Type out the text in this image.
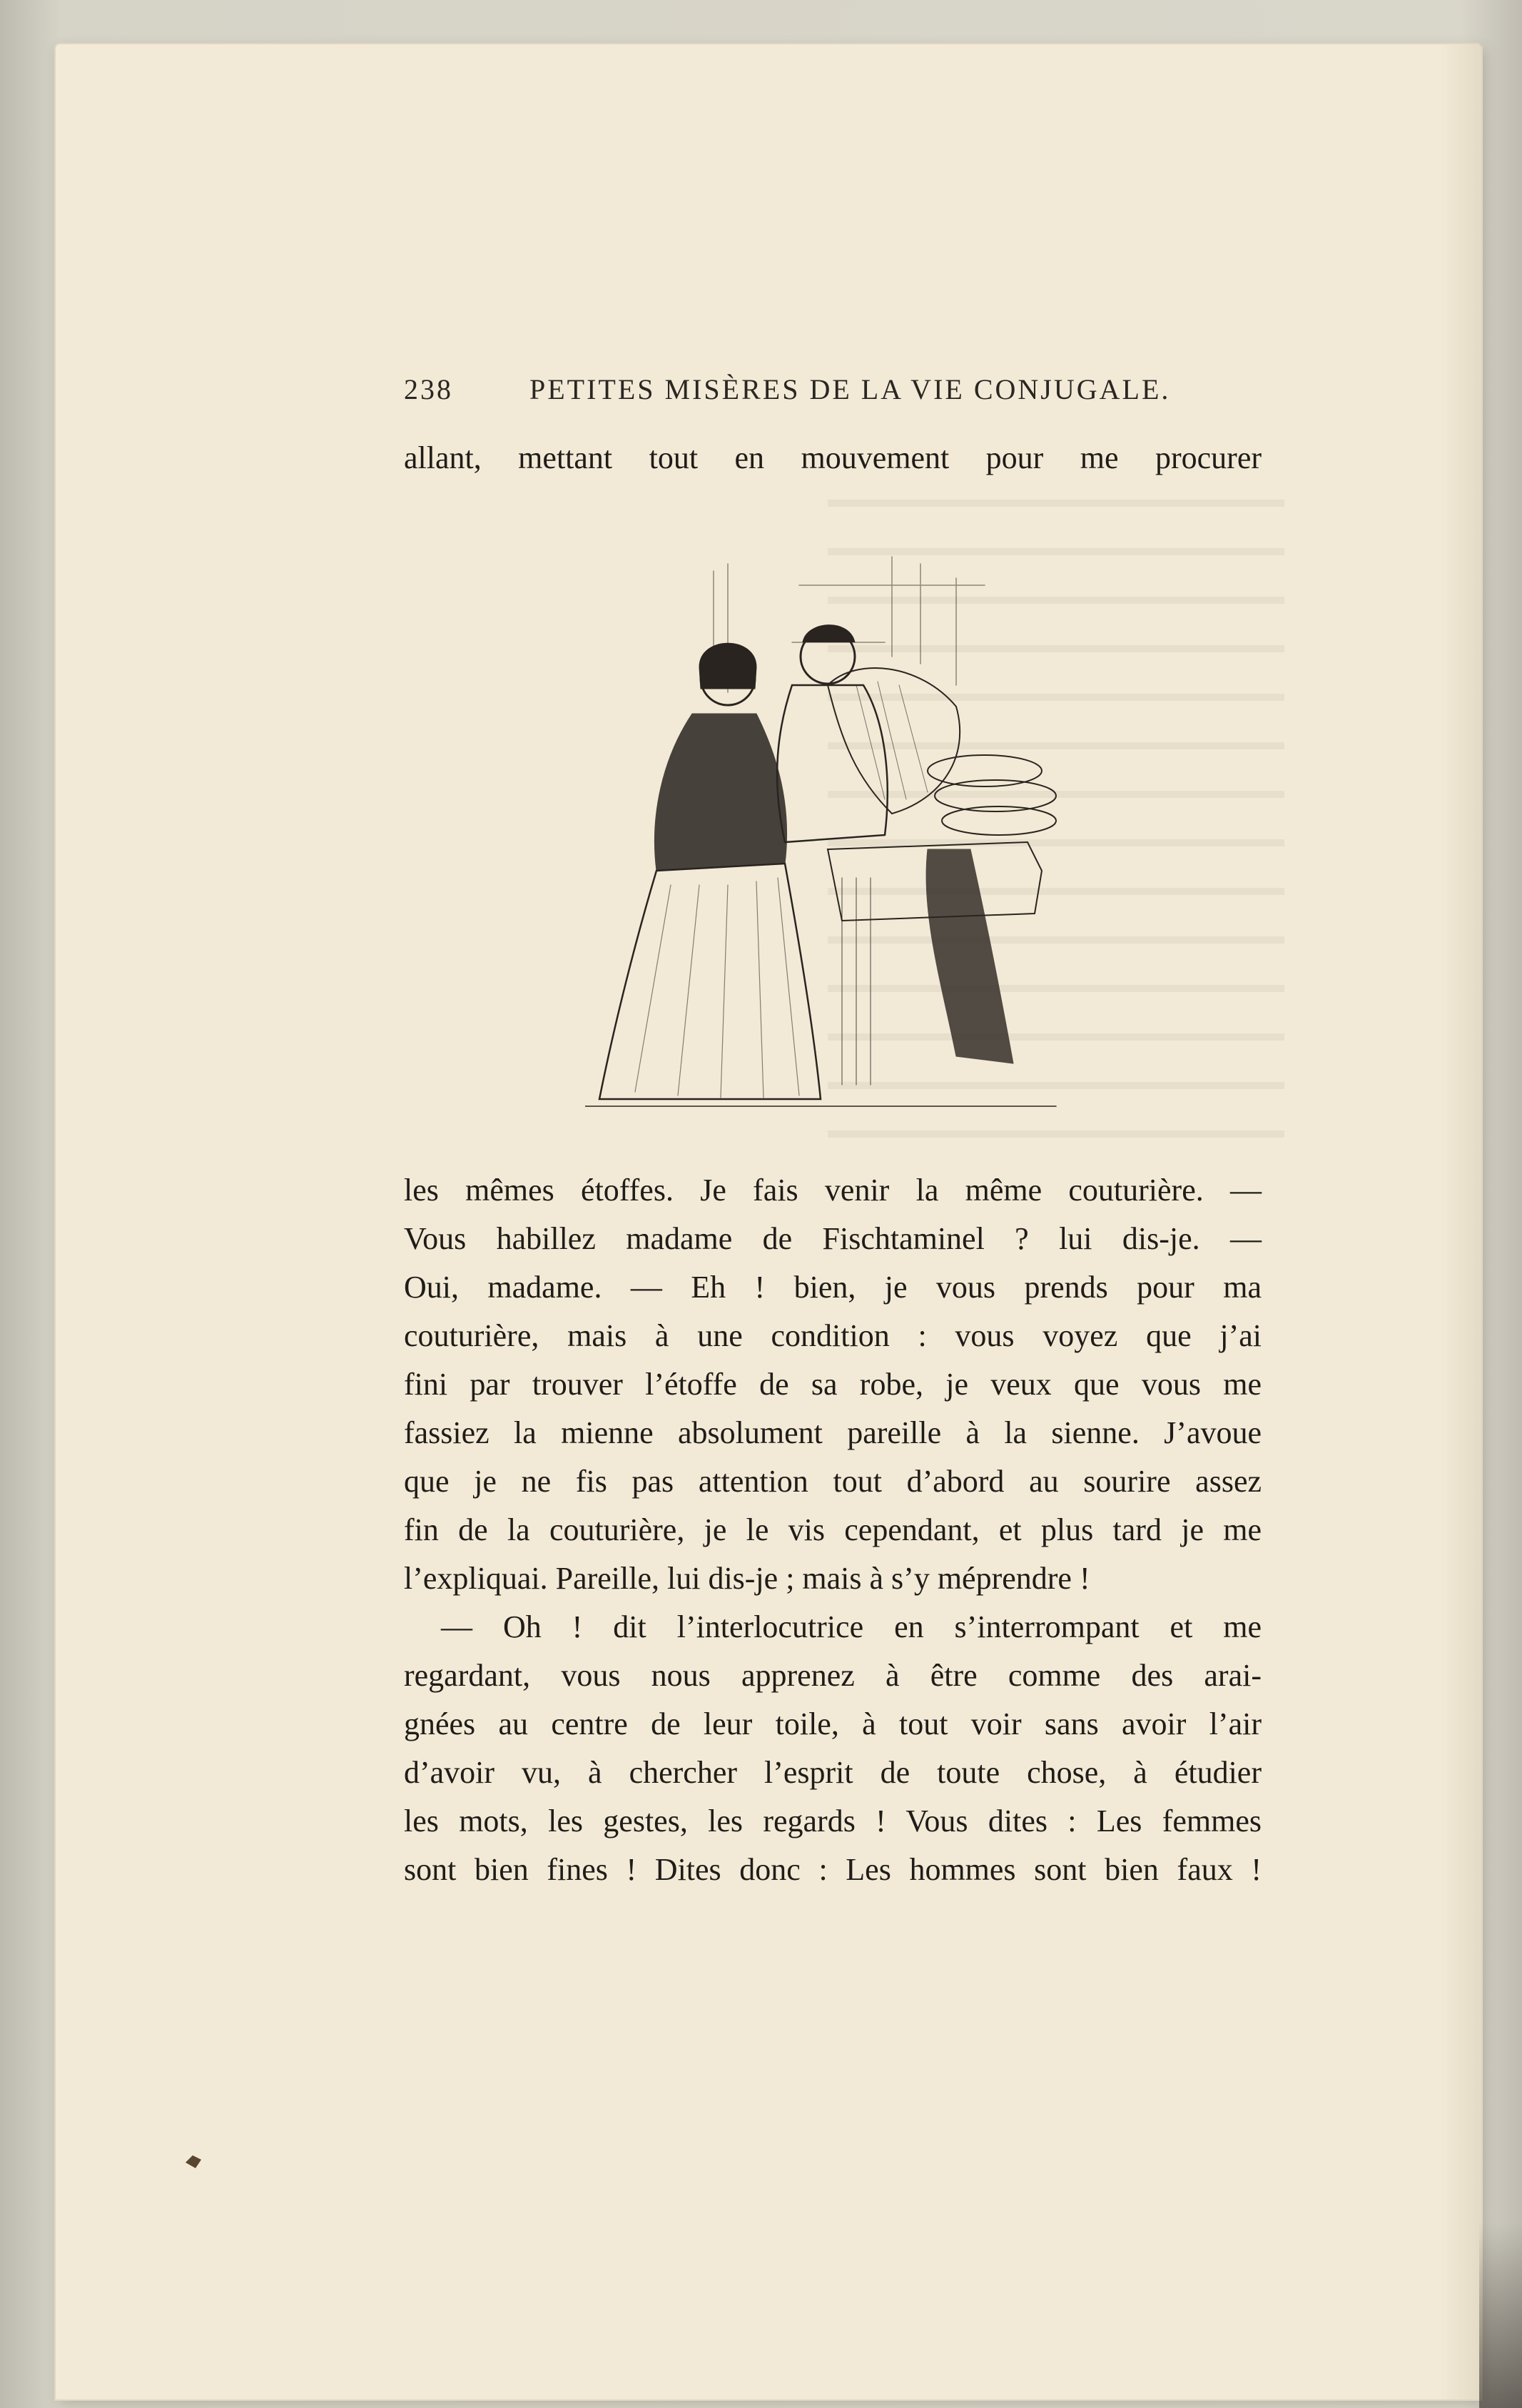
238	PETITES MISÈRES DE LA VIE CONJUGALE.
allant, mettant tout en mouvement pour me procurer
les mêmes étoffes. Je fais venir la même couturière. —
Vous habillez madame de Fischtaminel ? lui dis-je. —
Oui, madame. — Eh ! bien, je vous prends pour ma
couturière, mais à une condition : vous voyez que j’ai
fini par trouver l’étoffe de sa robe, je veux que vous me
fassiez la mienne absolument pareille à la sienne. J’avoue
que je ne fis pas attention tout d’abord au sourire assez
fin de la couturière, je le vis cependant, et plus tard je me
l’expliquai. Pareille, lui dis-je ; mais à s’y méprendre !
— Oh ! dit l’interlocutrice en s’interrompant et me
regardant, vous nous apprenez à être comme des arai-
gnées au centre de leur toile, à tout voir sans avoir l’air
d’avoir vu, à chercher l’esprit de toute chose, à étudier
les mots, les gestes, les regards ! Vous dites : Les femmes
sont bien fines ! Dites donc : Les hommes sont bien faux !
